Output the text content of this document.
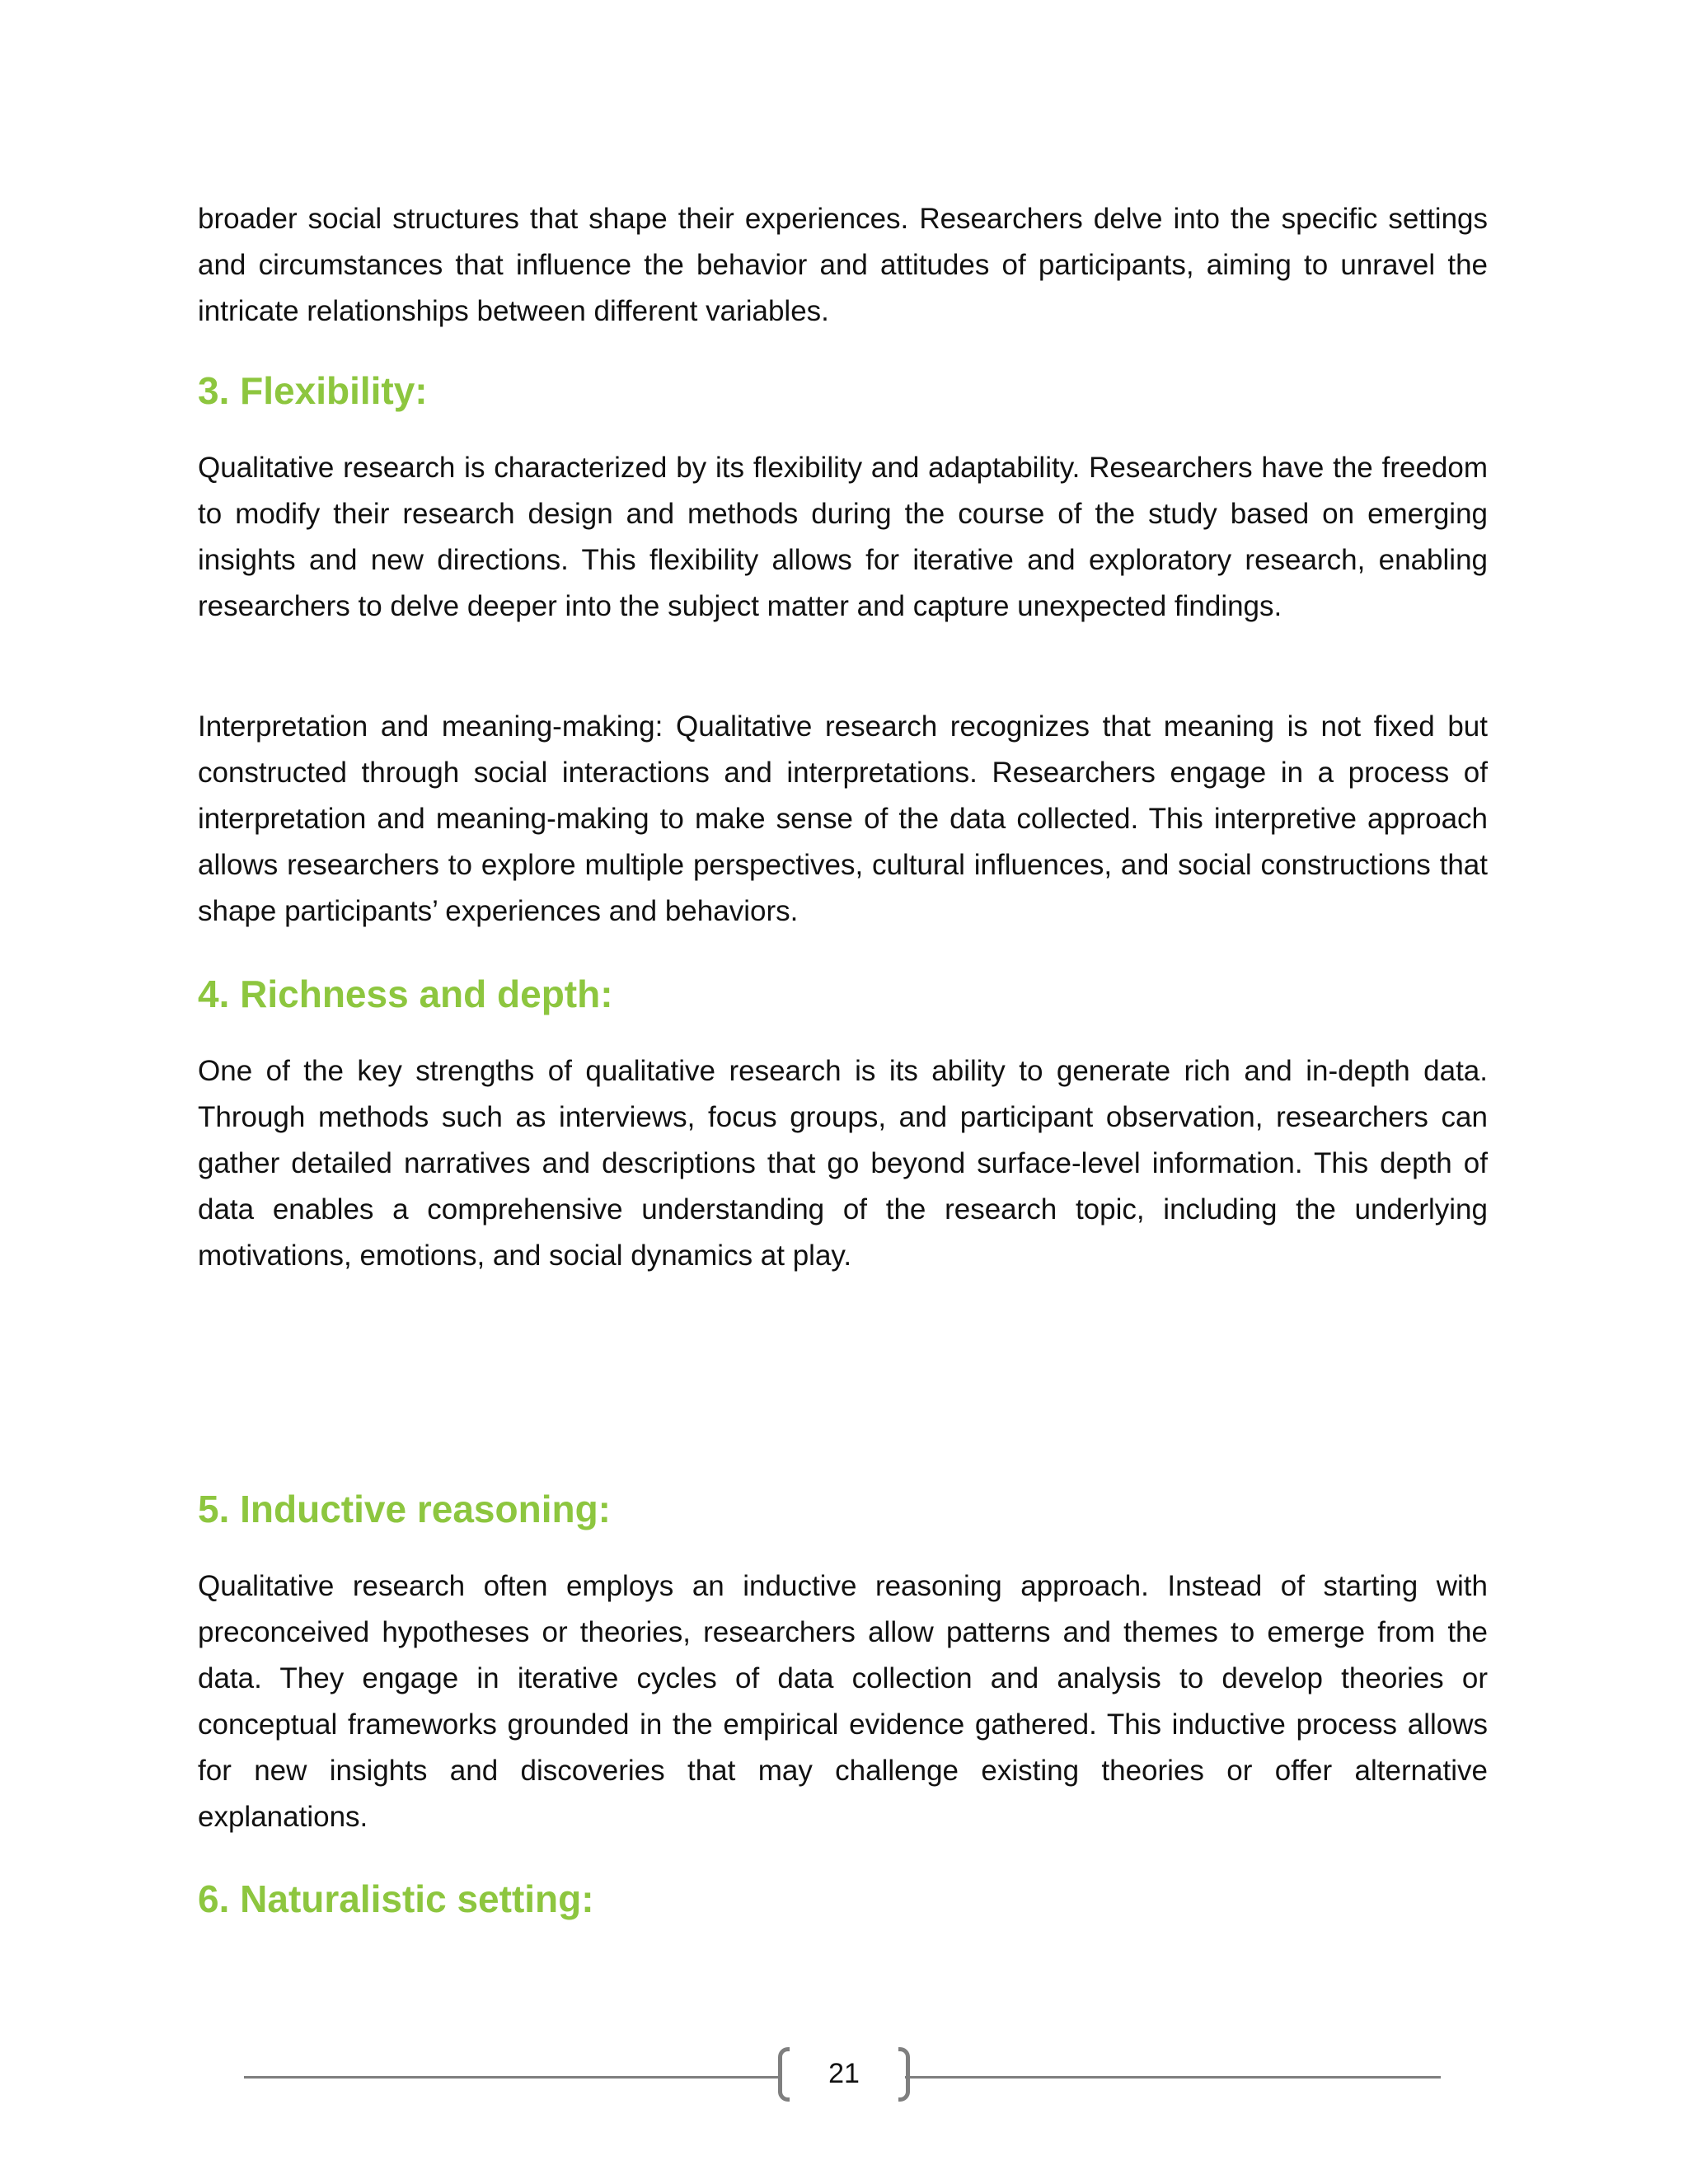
broader social structures that shape their experiences. Researchers delve into the specific settings and circumstances that influence the behavior and attitudes of participants, aiming to unravel the intricate relationships between different variables.

3. Flexibility:

Qualitative research is characterized by its flexibility and adaptability. Researchers have the freedom to modify their research design and methods during the course of the study based on emerging insights and new directions. This flexibility allows for iterative and exploratory research, enabling researchers to delve deeper into the subject matter and capture unexpected findings.

Interpretation and meaning-making: Qualitative research recognizes that meaning is not fixed but constructed through social interactions and interpretations. Researchers engage in a process of interpretation and meaning-making to make sense of the data collected. This interpretive approach allows researchers to explore multiple perspectives, cultural influences, and social constructions that shape participants’ experiences and behaviors.

4. Richness and depth:

One of the key strengths of qualitative research is its ability to generate rich and in-depth data. Through methods such as interviews, focus groups, and participant observation, researchers can gather detailed narratives and descriptions that go beyond surface-level information. This depth of data enables a comprehensive understanding of the research topic, including the underlying motivations, emotions, and social dynamics at play.

5. Inductive reasoning:

Qualitative research often employs an inductive reasoning approach. Instead of starting with preconceived hypotheses or theories, researchers allow patterns and themes to emerge from the data. They engage in iterative cycles of data collection and analysis to develop theories or conceptual frameworks grounded in the empirical evidence gathered. This inductive process allows for new insights and discoveries that may challenge existing theories or offer alternative explanations.

6. Naturalistic setting:
21
